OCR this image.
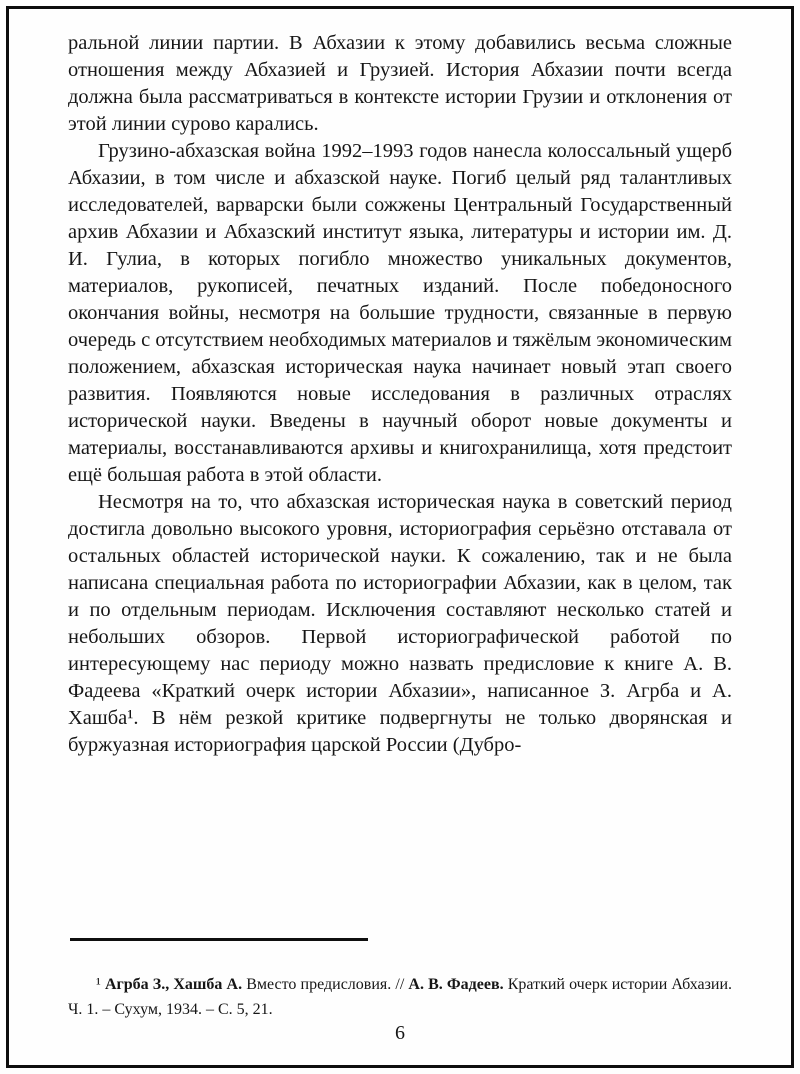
ральной линии партии. В Абхазии к этому добавились весьма сложные отношения между Абхазией и Грузией. История Абхазии почти всегда должна была рассматриваться в контексте истории Грузии и отклонения от этой линии сурово карались.

Грузино-абхазская война 1992–1993 годов нанесла колоссальный ущерб Абхазии, в том числе и абхазской науке. Погиб целый ряд талантливых исследователей, варварски были сожжены Центральный Государственный архив Абхазии и Абхазский институт языка, литературы и истории им. Д. И. Гулиа, в которых погибло множество уникальных документов, материалов, рукописей, печатных изданий. После победоносного окончания войны, несмотря на большие трудности, связанные в первую очередь с отсутствием необходимых материалов и тяжёлым экономическим положением, абхазская историческая наука начинает новый этап своего развития. Появляются новые исследования в различных отраслях исторической науки. Введены в научный оборот новые документы и материалы, восстанавливаются архивы и книгохранилища, хотя предстоит ещё большая работа в этой области.

Несмотря на то, что абхазская историческая наука в советский период достигла довольно высокого уровня, историография серьёзно отставала от остальных областей исторической науки. К сожалению, так и не была написана специальная работа по историографии Абхазии, как в целом, так и по отдельным периодам. Исключения составляют несколько статей и небольших обзоров. Первой историографической работой по интересующему нас периоду можно назвать предисловие к книге А. В. Фадеева «Краткий очерк истории Абхазии», написанное З. Агрба и А. Хашба¹. В нём резкой критике подвергнуты не только дворянская и буржуазная историография царской России (Дубро-

¹ Агрба З., Хашба А. Вместо предисловия. // А. В. Фадеев. Краткий очерк истории Абхазии. Ч. 1. – Сухум, 1934. – С. 5, 21.

6
